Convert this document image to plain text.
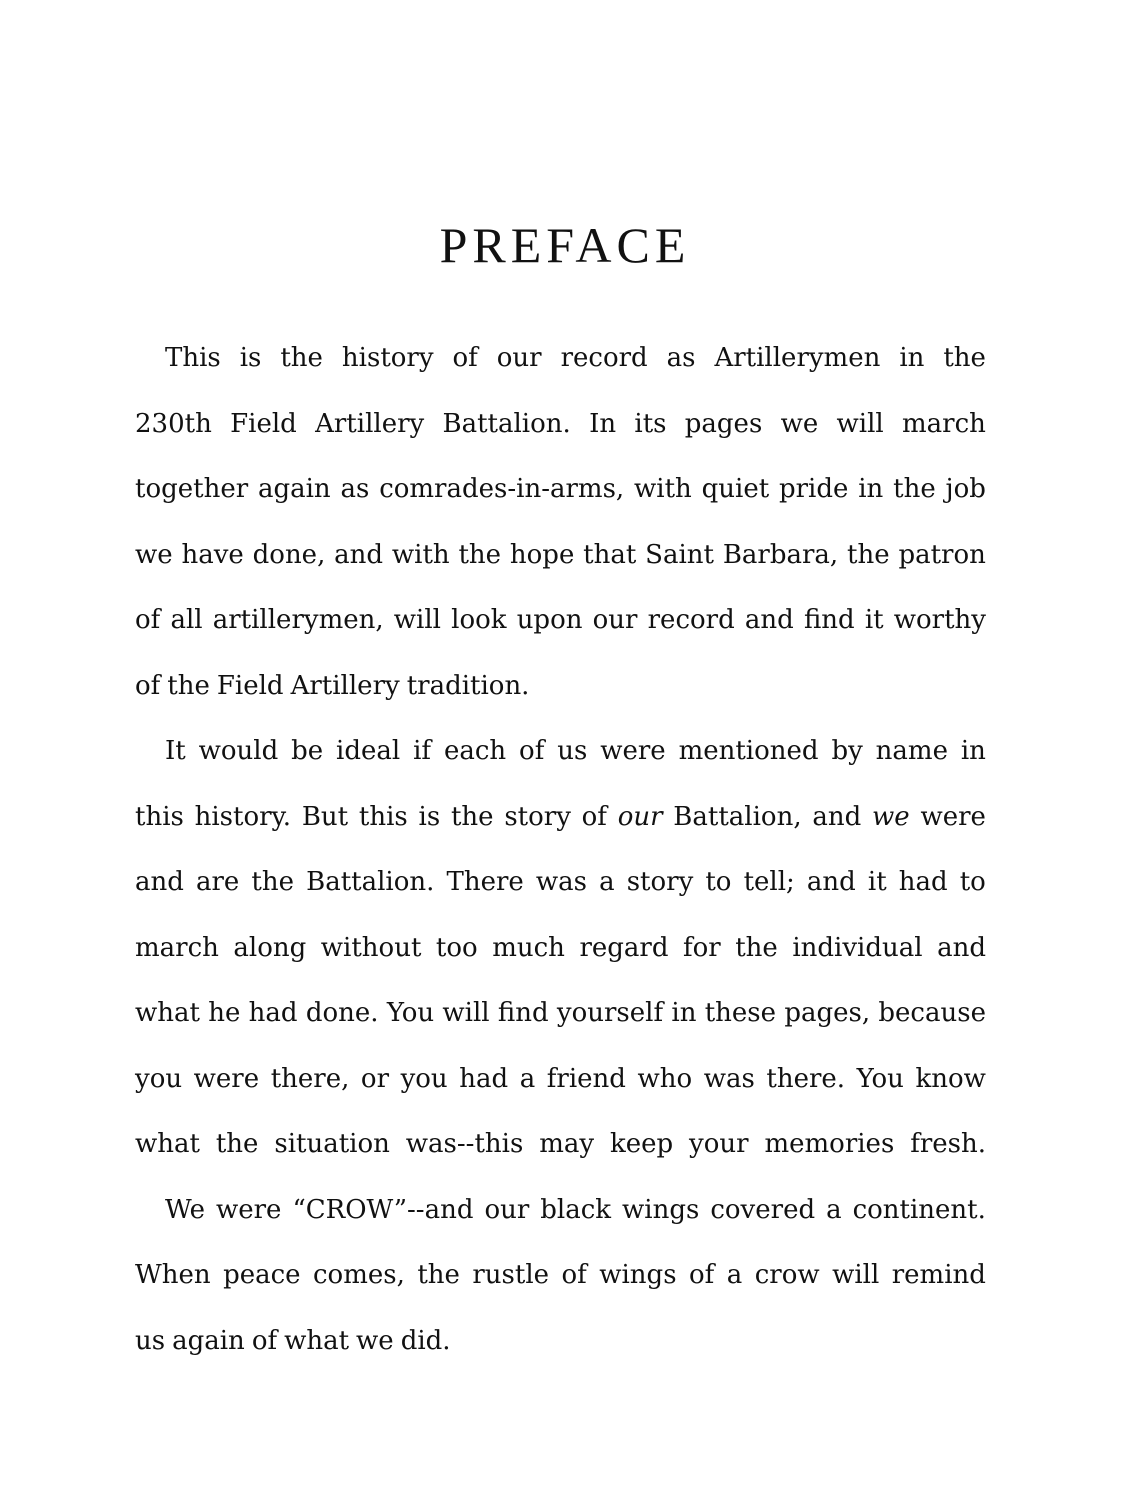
PREFACE
This is the history of our record as Artillerymen in the
230th Field Artillery Battalion. In its pages we will march
together again as comrades-in-arms, with quiet pride in the job
we have done, and with the hope that Saint Barbara, the patron
of all artillerymen, will look upon our record and find it worthy
of the Field Artillery tradition.
It would be ideal if each of us were mentioned by name in
this history. But this is the story of our Battalion, and we were
and are the Battalion. There was a story to tell; and it had to
march along without too much regard for the individual and
what he had done. You will find yourself in these pages, because
you were there, or you had a friend who was there. You know
what the situation was--this may keep your memories fresh.
We were “CROW”--and our black wings covered a continent.
When peace comes, the rustle of wings of a crow will remind
us again of what we did.
